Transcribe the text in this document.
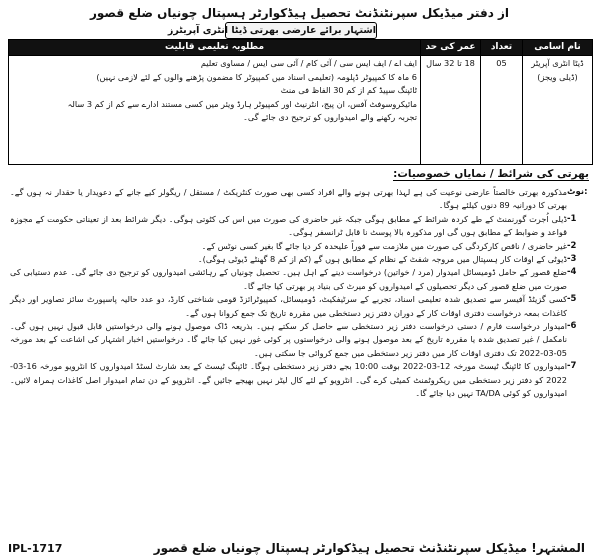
از دفتر میڈیکل سپرنٹنڈنٹ تحصیل ہیڈکوارٹر ہسپتال چونیاں ضلع قصور
اشتہار برائے عارضی بھرتی ڈیٹا انٹری آپریٹرز
نام اسامی	تعداد	عمر کی حد	مطلوبہ تعلیمی قابلیت
ڈیٹا انٹری آپریٹر (ڈیلی ویجز)	05	18 تا 32 سال	ایف اے / ایف ایس سی / آئی کام / آئی سی ایس / مساوی تعلیم
6 ماہ کا کمپیوٹر ڈپلومہ (تعلیمی اسناد میں کمپیوٹر کا مضمون پڑھنے والوں کے لئے لازمی نہیں)
ٹائپنگ سپیڈ کم از کم 30 الفاظ فی منٹ
مائیکروسوفٹ آفس، ان پیج، انٹرنیٹ اور کمپیوٹر ہارڈ ویئر میں کسی مستند ادارے سے کم از کم 3 سالہ
تجربہ رکھنے والے امیدواروں کو ترجیح دی جائے گی۔
بھرتی کی شرائط / نمایاں خصوصیات:
نوٹ:
مذکورہ بھرتی خالصتاً عارضی نوعیت کی ہے لہذا بھرتی ہونے والے افراد کسی بھی صورت کنٹریکٹ / مستقل / ریگولر کیے جانے کے دعویدار یا حقدار نہ ہوں گے۔ بھرتی کا دورانیہ 89 دنوں کیلئے ہوگا۔
-1
ڈیلی اُجرت گورنمنٹ کے طے کردہ شرائط کے مطابق ہوگی جبکہ غیر حاضری کی صورت میں اس کی کٹوتی ہوگی۔ دیگر شرائط بعد از تعیناتی حکومت کے مجوزہ قواعد و ضوابط کے مطابق ہوں گی اور مذکورہ بالا پوسٹ نا قابل ٹرانسفر ہوگی۔
-2
غیر حاضری / ناقص کارکردگی کی صورت میں ملازمت سے فوراً علیحدہ کر دیا جائے گا بغیر کسی نوٹس کے۔
-3
ڈیوٹی کے اوقات کار ہسپتال میں مروجہ شفٹ کے نظام کے مطابق ہوں گے (کم از کم 8 گھنٹے ڈیوٹی ہوگی)۔
-4
ضلع قصور کے حامل ڈومیسائل امیدوار (مرد / خواتین) درخواست دینے کے اہل ہیں۔ تحصیل چونیاں کے رہائشی امیدواروں کو ترجیح دی جائے گی۔ عدم دستیابی کی صورت میں ضلع قصور کی دیگر تحصیلوں کے امیدواروں کو میرٹ کی بنیاد پر بھرتی کیا جائے گا۔
-5
کسی گزیٹڈ آفیسر سے تصدیق شدہ تعلیمی اسناد، تجربے کے سرٹیفکیٹ، ڈومیسائل، کمپیوٹرائزڈ قومی شناختی کارڈ، دو عدد حالیہ پاسپورٹ سائز تصاویر اور دیگر کاغذات بمعہ درخواست دفتری اوقات کار کے دوران دفتر زیر دستخطی میں مقررہ تاریخ تک جمع کروانا ہوں گے۔
-6
امیدوار درخواست فارم / دستی درخواست دفتر زیر دستخطی سے حاصل کر سکتے ہیں۔ بذریعہ ڈاک موصول ہونے والی درخواستیں قابل قبول نہیں ہوں گی۔ نامکمل / غیر تصدیق شدہ یا مقررہ تاریخ کے بعد موصول ہونے والی درخواستوں پر کوئی غور نہیں کیا جائے گا۔ درخواستیں اخبار اشتہار کی اشاعت کے بعد مورخہ 05-03-2022 تک دفتری اوقات کار میں دفتر زیر دستخطی میں جمع کروائی جا سکتی ہیں۔
-7
امیدواروں کا ٹائپنگ ٹیسٹ مورخہ 12-03-2022 بوقت 10:00 بجے دفتر زیر دستخطی ہوگا۔ ٹائپنگ ٹیسٹ کے بعد شارٹ لسٹڈ امیدواروں کا انٹرویو مورخہ 16-03-2022 کو دفتر زیر دستخطی میں ریکروٹمنٹ کمیٹی کرے گی۔ انٹرویو کے لئے کال لیٹر نہیں بھیجے جائیں گے۔ انٹرویو کے دن تمام امیدوار اصل کاغذات ہمراہ لائیں۔ امیدواروں کو کوئی TA/DA نہیں دیا جائے گا۔
IPL-1717	المشتہر! میڈیکل سپرنٹنڈنٹ تحصیل ہیڈکوارٹر ہسپتال چونیاں ضلع قصور
